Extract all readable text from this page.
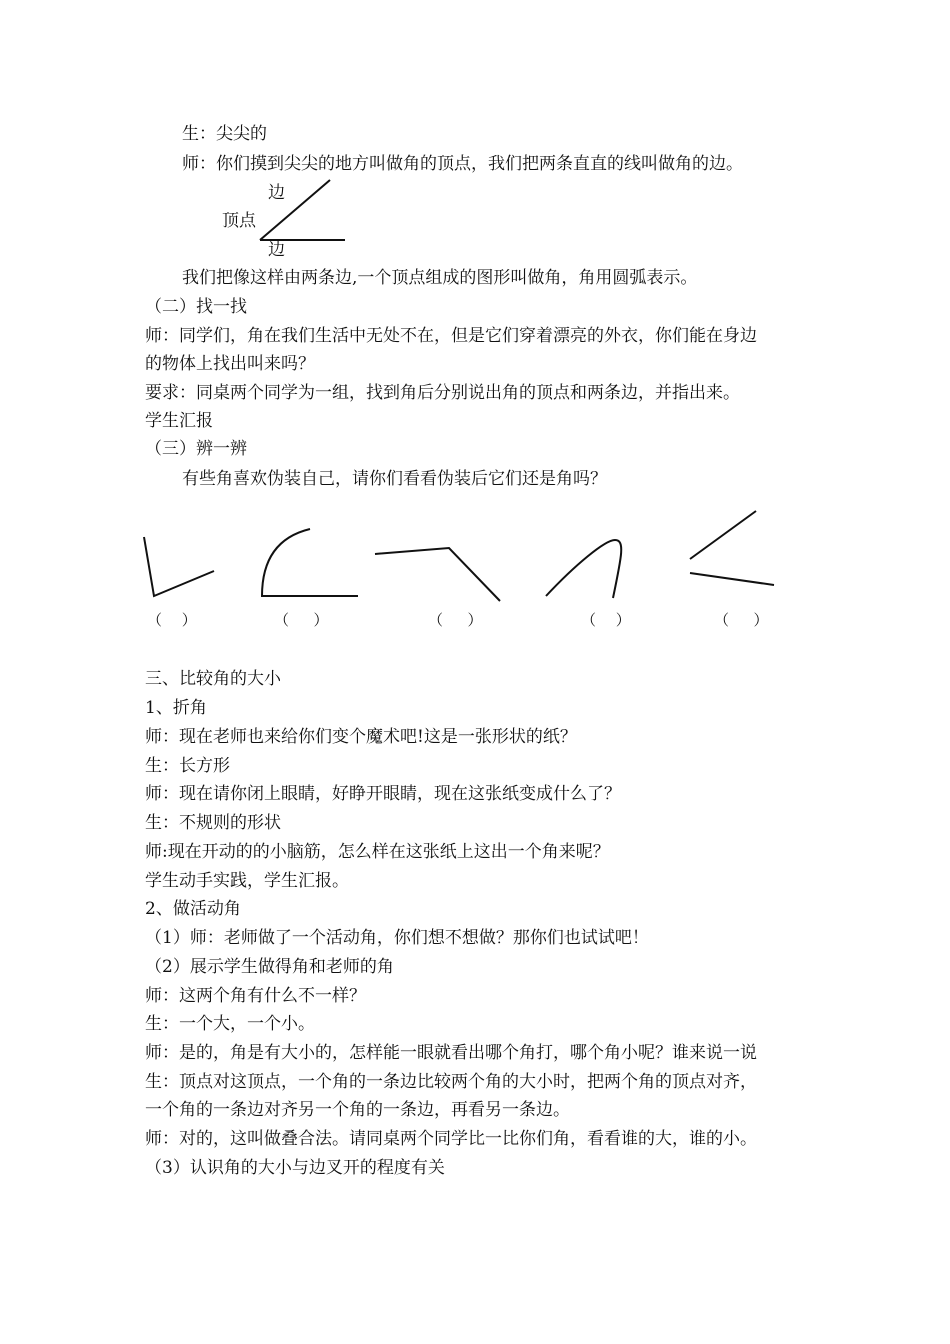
生：尖尖的
师：你们摸到尖尖的地方叫做角的顶点，我们把两条直直的线叫做角的边。
边
顶点
边
我们把像这样由两条边,一个顶点组成的图形叫做角，角用圆弧表示。
（二）找一找
师：同学们，角在我们生活中无处不在，但是它们穿着漂亮的外衣，你们能在身边
的物体上找出叫来吗？
要求：同桌两个同学为一组，找到角后分别说出角的顶点和两条边，并指出来。
学生汇报
（三）辨一辨
有些角喜欢伪装自己，请你们看看伪装后它们还是角吗？
（　 ）	（ 　 ）	（ 　 ）	（ 　）	（ 　 ）
三、比较角的大小
1、折角
师：现在老师也来给你们变个魔术吧!这是一张形状的纸？
生：长方形
师：现在请你闭上眼睛，好睁开眼睛，现在这张纸变成什么了？
生：不规则的形状
师:现在开动的的小脑筋，怎么样在这张纸上这出一个角来呢？
学生动手实践，学生汇报。
2、做活动角
（1）师：老师做了一个活动角，你们想不想做？那你们也试试吧！
（2）展示学生做得角和老师的角
师：这两个角有什么不一样？
生：一个大，一个小。
师：是的，角是有大小的，怎样能一眼就看出哪个角打，哪个角小呢？谁来说一说
生：顶点对这顶点，一个角的一条边比较两个角的大小时，把两个角的顶点对齐，
一个角的一条边对齐另一个角的一条边，再看另一条边。
师：对的，这叫做叠合法。请同桌两个同学比一比你们角，看看谁的大，谁的小。
（3）认识角的大小与边叉开的程度有关
